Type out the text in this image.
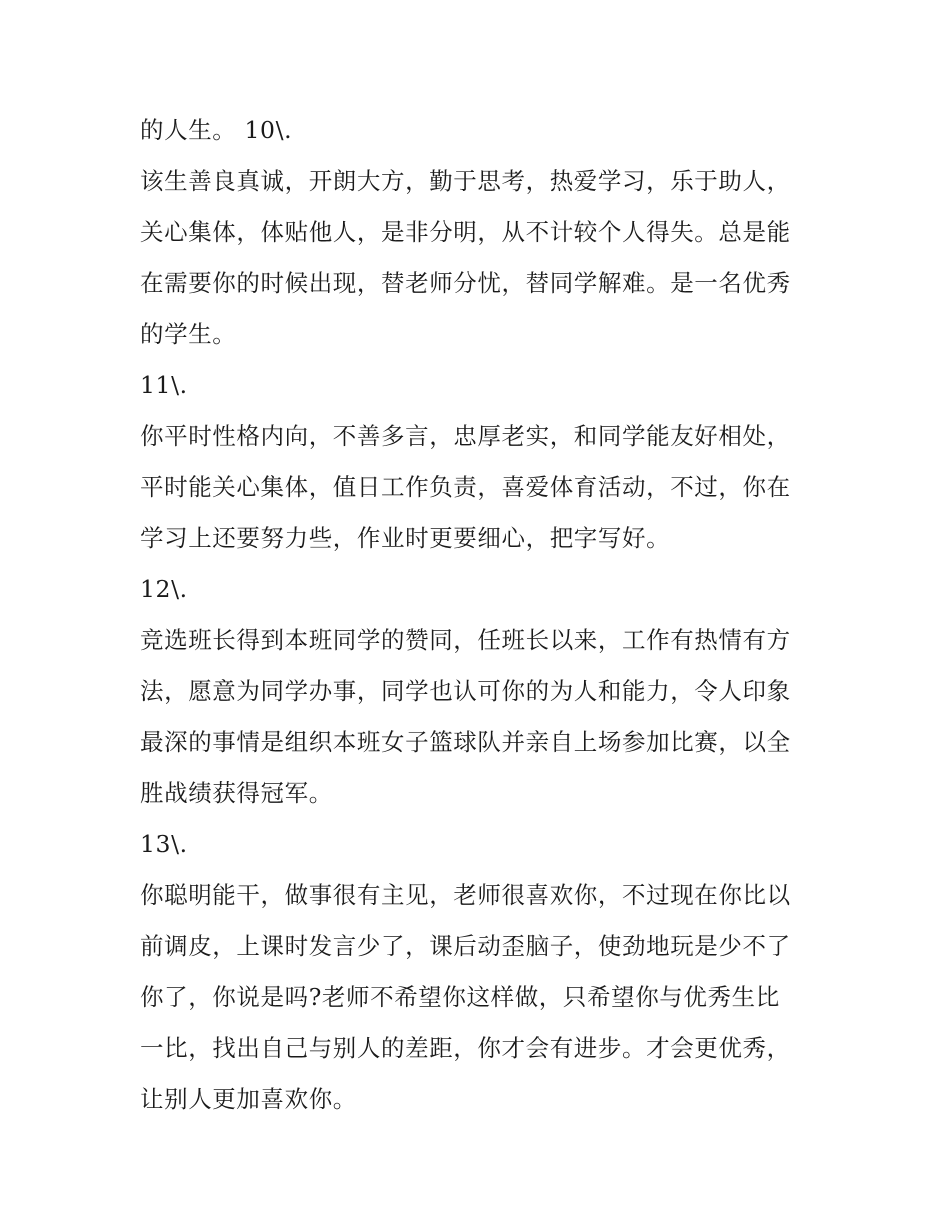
的人生。 10\.
该生善良真诚，开朗大方，勤于思考，热爱学习，乐于助人，
关心集体，体贴他人，是非分明，从不计较个人得失。总是能
在需要你的时候出现，替老师分忧，替同学解难。是一名优秀
的学生。
11\.
你平时性格内向，不善多言，忠厚老实，和同学能友好相处，
平时能关心集体，值日工作负责，喜爱体育活动，不过，你在
学习上还要努力些，作业时更要细心，把字写好。
12\.
竞选班长得到本班同学的赞同，任班长以来，工作有热情有方
法，愿意为同学办事，同学也认可你的为人和能力，令人印象
最深的事情是组织本班女子篮球队并亲自上场参加比赛，以全
胜战绩获得冠军。
13\.
你聪明能干，做事很有主见，老师很喜欢你，不过现在你比以
前调皮，上课时发言少了，课后动歪脑子，使劲地玩是少不了
你了，你说是吗?老师不希望你这样做，只希望你与优秀生比
一比，找出自己与别人的差距，你才会有进步。才会更优秀，
让别人更加喜欢你。
